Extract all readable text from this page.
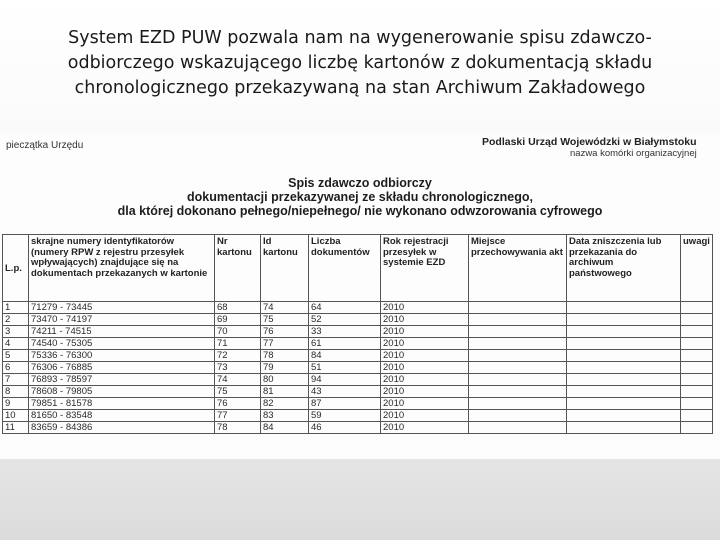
System EZD PUW pozwala nam na wygenerowanie spisu zdawczo-
odbiorczego wskazującego liczbę kartonów z dokumentacją składu
chronologicznego przekazywaną na stan Archiwum Zakładowego
pieczątka Urzędu	Podlaski Urząd Wojewódzki w Białymstoku
nazwa komórki organizacyjnej
Spis zdawczo odbiorczy
dokumentacji przekazywanej ze składu chronologicznego,
dla której dokonano pełnego/niepełnego/ nie wykonano odwzorowania cyfrowego
L.p.	skrajne numery identyfikatorów (numery RPW z rejestru przesyłek wpływających) znajdujące się na dokumentach przekazanych w kartonie	Nr kartonu	Id kartonu	Liczba dokumentów	Rok rejestracji przesyłek w systemie EZD	Miejsce przechowywania akt	Data zniszczenia lub przekazania do archiwum państwowego	uwagi
1	71279 - 73445	68	74	64	2010			
2	73470 - 74197	69	75	52	2010			
3	74211 - 74515	70	76	33	2010			
4	74540 - 75305	71	77	61	2010			
5	75336 - 76300	72	78	84	2010			
6	76306 - 76885	73	79	51	2010			
7	76893 - 78597	74	80	94	2010			
8	78608 - 79805	75	81	43	2010			
9	79851 - 81578	76	82	87	2010			
10	81650 - 83548	77	83	59	2010			
11	83659 - 84386	78	84	46	2010			
